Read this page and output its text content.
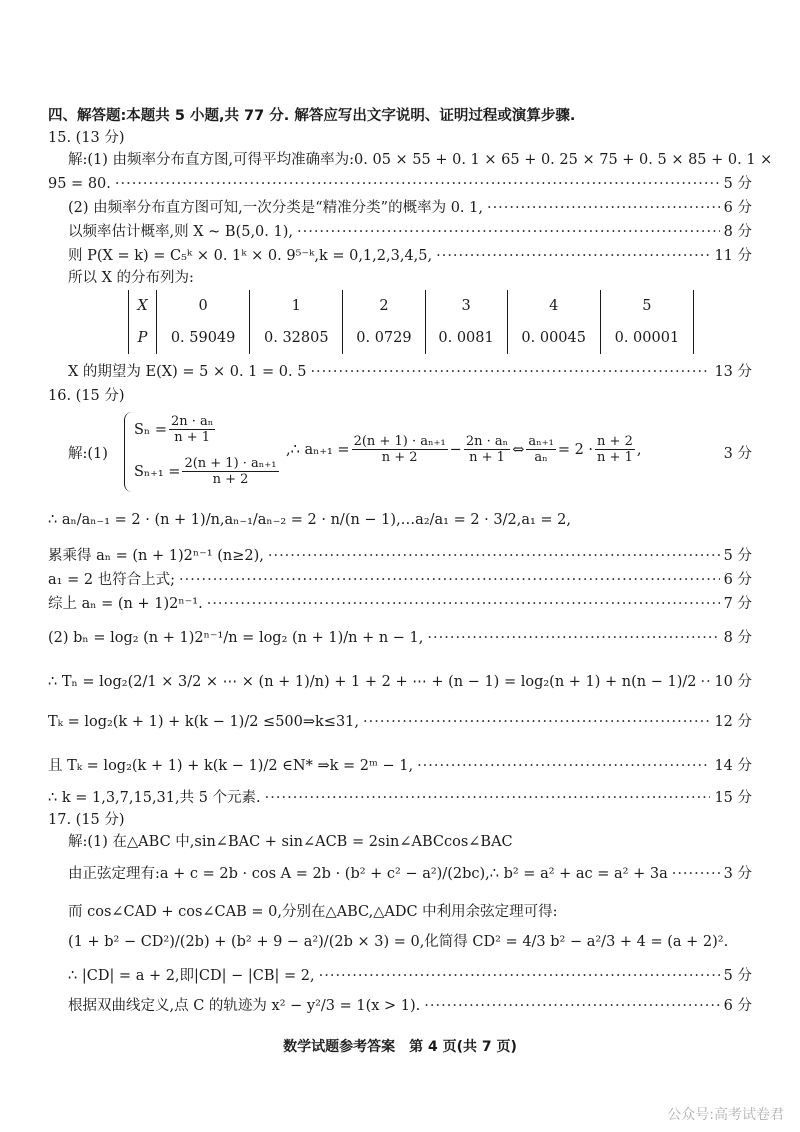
四、解答题:本题共 5 小题,共 77 分. 解答应写出文字说明、证明过程或演算步骤.
15. (13 分)
解:(1) 由频率分布直方图,可得平均准确率为:0. 05 × 55 + 0. 1 × 65 + 0. 25 × 75 + 0. 5 × 85 + 0. 1 ×
95 = 80. ·····	5 分
(2) 由频率分布直方图可知,一次分类是“精准分类”的概率为 0. 1, ·····	6 分
以频率估计概率,则 X ~ B(5,0. 1), ·····	8 分
则 P(X = k) = C₅ᵏ × 0. 1ᵏ × 0. 9⁵⁻ᵏ,k = 0,1,2,3,4,5, ·····	11 分
所以 X 的分布列为:
X	0	1	2	3	4	5
P	0. 59049	0. 32805	0. 0729	0. 0081	0. 00045	0. 00001
X 的期望为 E(X) = 5 × 0. 1 = 0. 5 ·····	13 分
16. (15 分)
解:(1)
$S_n = \frac{\text{2n · aₙ}}{n + 1}$
$S_{n+1} = \frac{\text{2(n + 1) · aₙ₊₁}}{n + 2}$
,∴ $a_{n+1} = \frac{\text{2(n + 1) · aₙ₊₁}}{n + 2} - \frac{\text{2n · aₙ}}{n + 1}$ ⇔ $\frac{\text{aₙ₊₁}}{\text{aₙ}} = 2 \cdot \frac{n + 2}{n + 1}$ ,	3 分
∴ aₙ/aₙ₋₁ = 2 · (n + 1)/n,aₙ₋₁/aₙ₋₂ = 2 · n/(n − 1),…a₂/a₁ = 2 · 3/2,a₁ = 2,
累乘得 aₙ = (n + 1)2ⁿ⁻¹ (n≥2), ·····	5 分
a₁ = 2 也符合上式; ·····	6 分
综上 aₙ = (n + 1)2ⁿ⁻¹. ·····	7 分
(2) bₙ = log₂ (n + 1)2ⁿ⁻¹/n = log₂ (n + 1)/n + n − 1, ·····	8 分
∴ Tₙ = log₂(2/1 × 3/2 × ⋯ × (n + 1)/n) + 1 + 2 + ⋯ + (n − 1) = log₂(n + 1) + n(n − 1)/2 ····· 10 分
Tₖ = log₂(k + 1) + k(k − 1)/2 ≤500⇒k≤31, ·····	12 分
且 Tₖ = log₂(k + 1) + k(k − 1)/2 ∈N* ⇒k = 2ᵐ − 1, ·····	14 分
∴ k = 1,3,7,15,31,共 5 个元素. ·····	15 分
17. (15 分)
解:(1) 在△ABC 中,sin∠BAC + sin∠ACB = 2sin∠ABCcos∠BAC
由正弦定理有:a + c = 2b · cos A = 2b · (b² + c² − a²)/(2bc),∴ b² = a² + ac = a² + 3a ·····	3 分
而 cos∠CAD + cos∠CAB = 0,分别在△ABC,△ADC 中利用余弦定理可得:
(1 + b² − CD²)/(2b) + (b² + 9 − a²)/(2b × 3) = 0,化简得 CD² = 4/3 b² − a²/3 + 4 = (a + 2)².
∴ |CD| = a + 2,即|CD| − |CB| = 2, ·····	5 分
根据双曲线定义,点 C 的轨迹为 x² − y²/3 = 1(x > 1). ·····	6 分
数学试题参考答案　第 4 页(共 7 页)
公众号:高考试卷君
